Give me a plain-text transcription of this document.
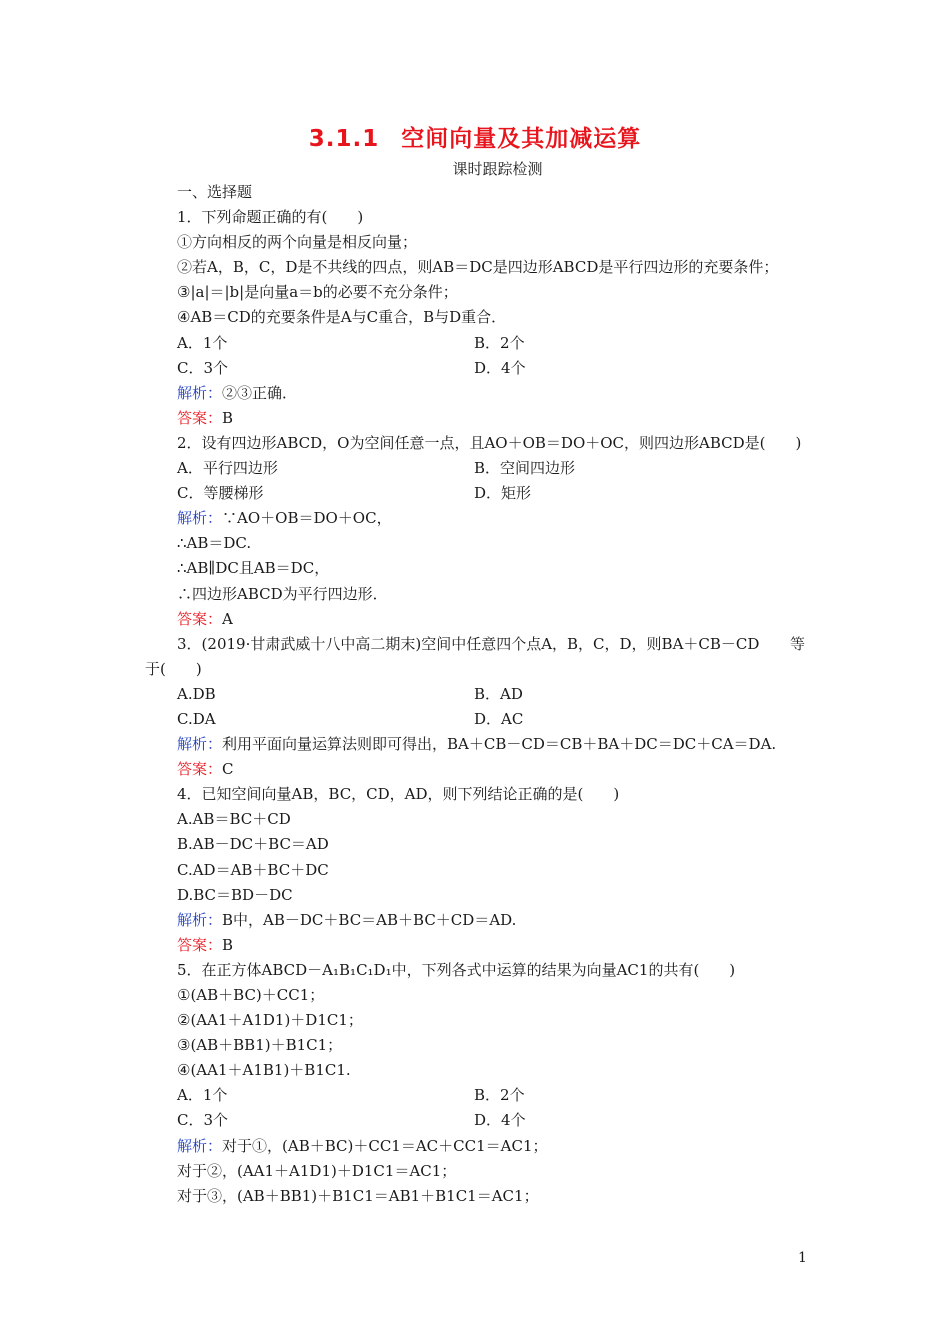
3.1.1 空间向量及其加减运算
课时跟踪检测
一、选择题
1．下列命题正确的有(　　)
①方向相反的两个向量是相反向量；
②若A，B，C，D是不共线的四点，则AB＝DC是四边形ABCD是平行四边形的充要条件；
③|a|＝|b|是向量a＝b的必要不充分条件；
④AB＝CD的充要条件是A与C重合，B与D重合．
A．1个	B．2个
C．3个	D．4个
解析：②③正确．
答案：B
2．设有四边形ABCD，O为空间任意一点，且AO＋OB＝DO＋OC，则四边形ABCD是(　　)
A．平行四边形	B．空间四边形
C．等腰梯形	D．矩形
解析：∵AO＋OB＝DO＋OC，
∴AB＝DC.
∴AB∥DC且AB＝DC，
∴四边形ABCD为平行四边形．
答案：A
3．(2019·甘肃武威十八中高二期末)空间中任意四个点A，B，C，D，则BA＋CB－CD 等
于(　　)
A.DB	B．AD
C.DA	D．AC
解析：利用平面向量运算法则即可得出，BA＋CB－CD＝CB＋BA＋DC＝DC＋CA＝DA.
答案：C
4．已知空间向量AB，BC，CD，AD，则下列结论正确的是(　　)
A.AB＝BC＋CD
B.AB－DC＋BC＝AD
C.AD＝AB＋BC＋DC
D.BC＝BD－DC
解析：B中，AB－DC＋BC＝AB＋BC＋CD＝AD.
答案：B
5．在正方体ABCD－A₁B₁C₁D₁中，下列各式中运算的结果为向量AC1的共有(　　)
①(AB＋BC)＋CC1；
②(AA1＋A1D1)＋D1C1；
③(AB＋BB1)＋B1C1；
④(AA1＋A1B1)＋B1C1.
A．1个	B．2个
C．3个	D．4个
解析：对于①，(AB＋BC)＋CC1＝AC＋CC1＝AC1；
对于②，(AA1＋A1D1)＋D1C1＝AC1；
对于③，(AB＋BB1)＋B1C1＝AB1＋B1C1＝AC1；
1
